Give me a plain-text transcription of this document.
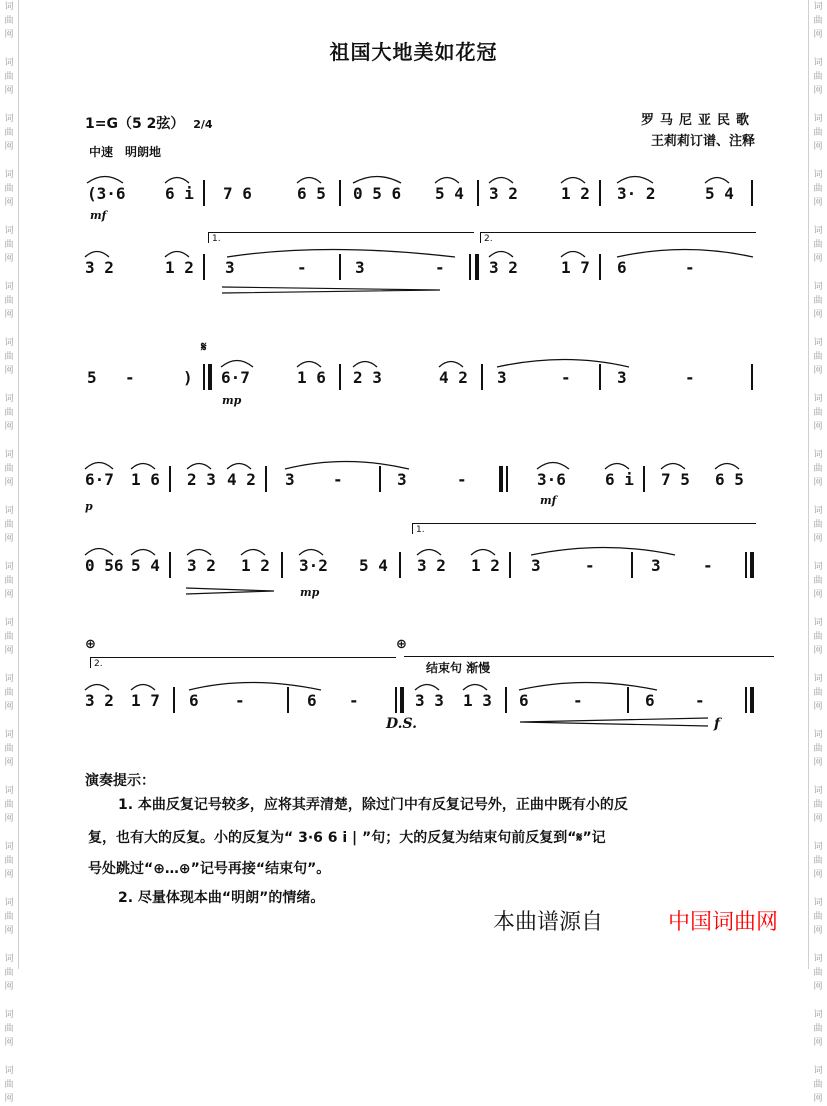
词曲网
词曲网
词曲网
词曲网
词曲网
词曲网
词曲网
词曲网
词曲网
词曲网
词曲网
词曲网
词曲网
词曲网
词曲网
词曲网
词曲网
词曲网
词曲网
词曲网
词曲网
词曲网
词曲网
词曲网
词曲网
词曲网
词曲网
词曲网
词曲网
词曲网
词曲网
词曲网
词曲网
词曲网
词曲网
词曲网
词曲网
词曲网
词曲网
词曲网
祖国大地美如花冠
1=G（5 2弦） 2/4
中速　明朗地
罗马尼亚民歌
王莉莉订谱、注释

(3·6

6 i

7 6

	6 5

0 5 6

5 4

3 2

	1 2

3· 2

	5 4

mf
1.	2.

3 2

	1 2

3

	-

	3

	-

	3 2

	1 7

6

	-

𝄋

5

-

	)

6·7

	1 6

2 3

	4 2

3

	-

	3

	-

mp

6·7

1 6

2 3

4 2

3

-

	3

	-

	3·6

6 i

7 5

6 5

p	mf
1.

0 56

5 4

3 2

1 2

3·2

5 4

3 2

1 2

3

	-

	3

	-

mp
⊕	⊕
2.	结束句 渐慢

3 2

1 7

6

-

	6

-

	3 3

1 3

6

	-

	6

	-

D.S.	f
演奏提示：
1. 本曲反复记号较多，应将其弄清楚，除过门中有反复记号外，正曲中既有小的反
复，也有大的反复。小的反复为“ 3·6 6 i | ”句；大的反复为结束句前反复到“𝄋”记
号处跳过“⊕…⊕”记号再接“结束句”。
2. 尽量体现本曲“明朗”的情绪。
本曲谱源自	中国词曲网
